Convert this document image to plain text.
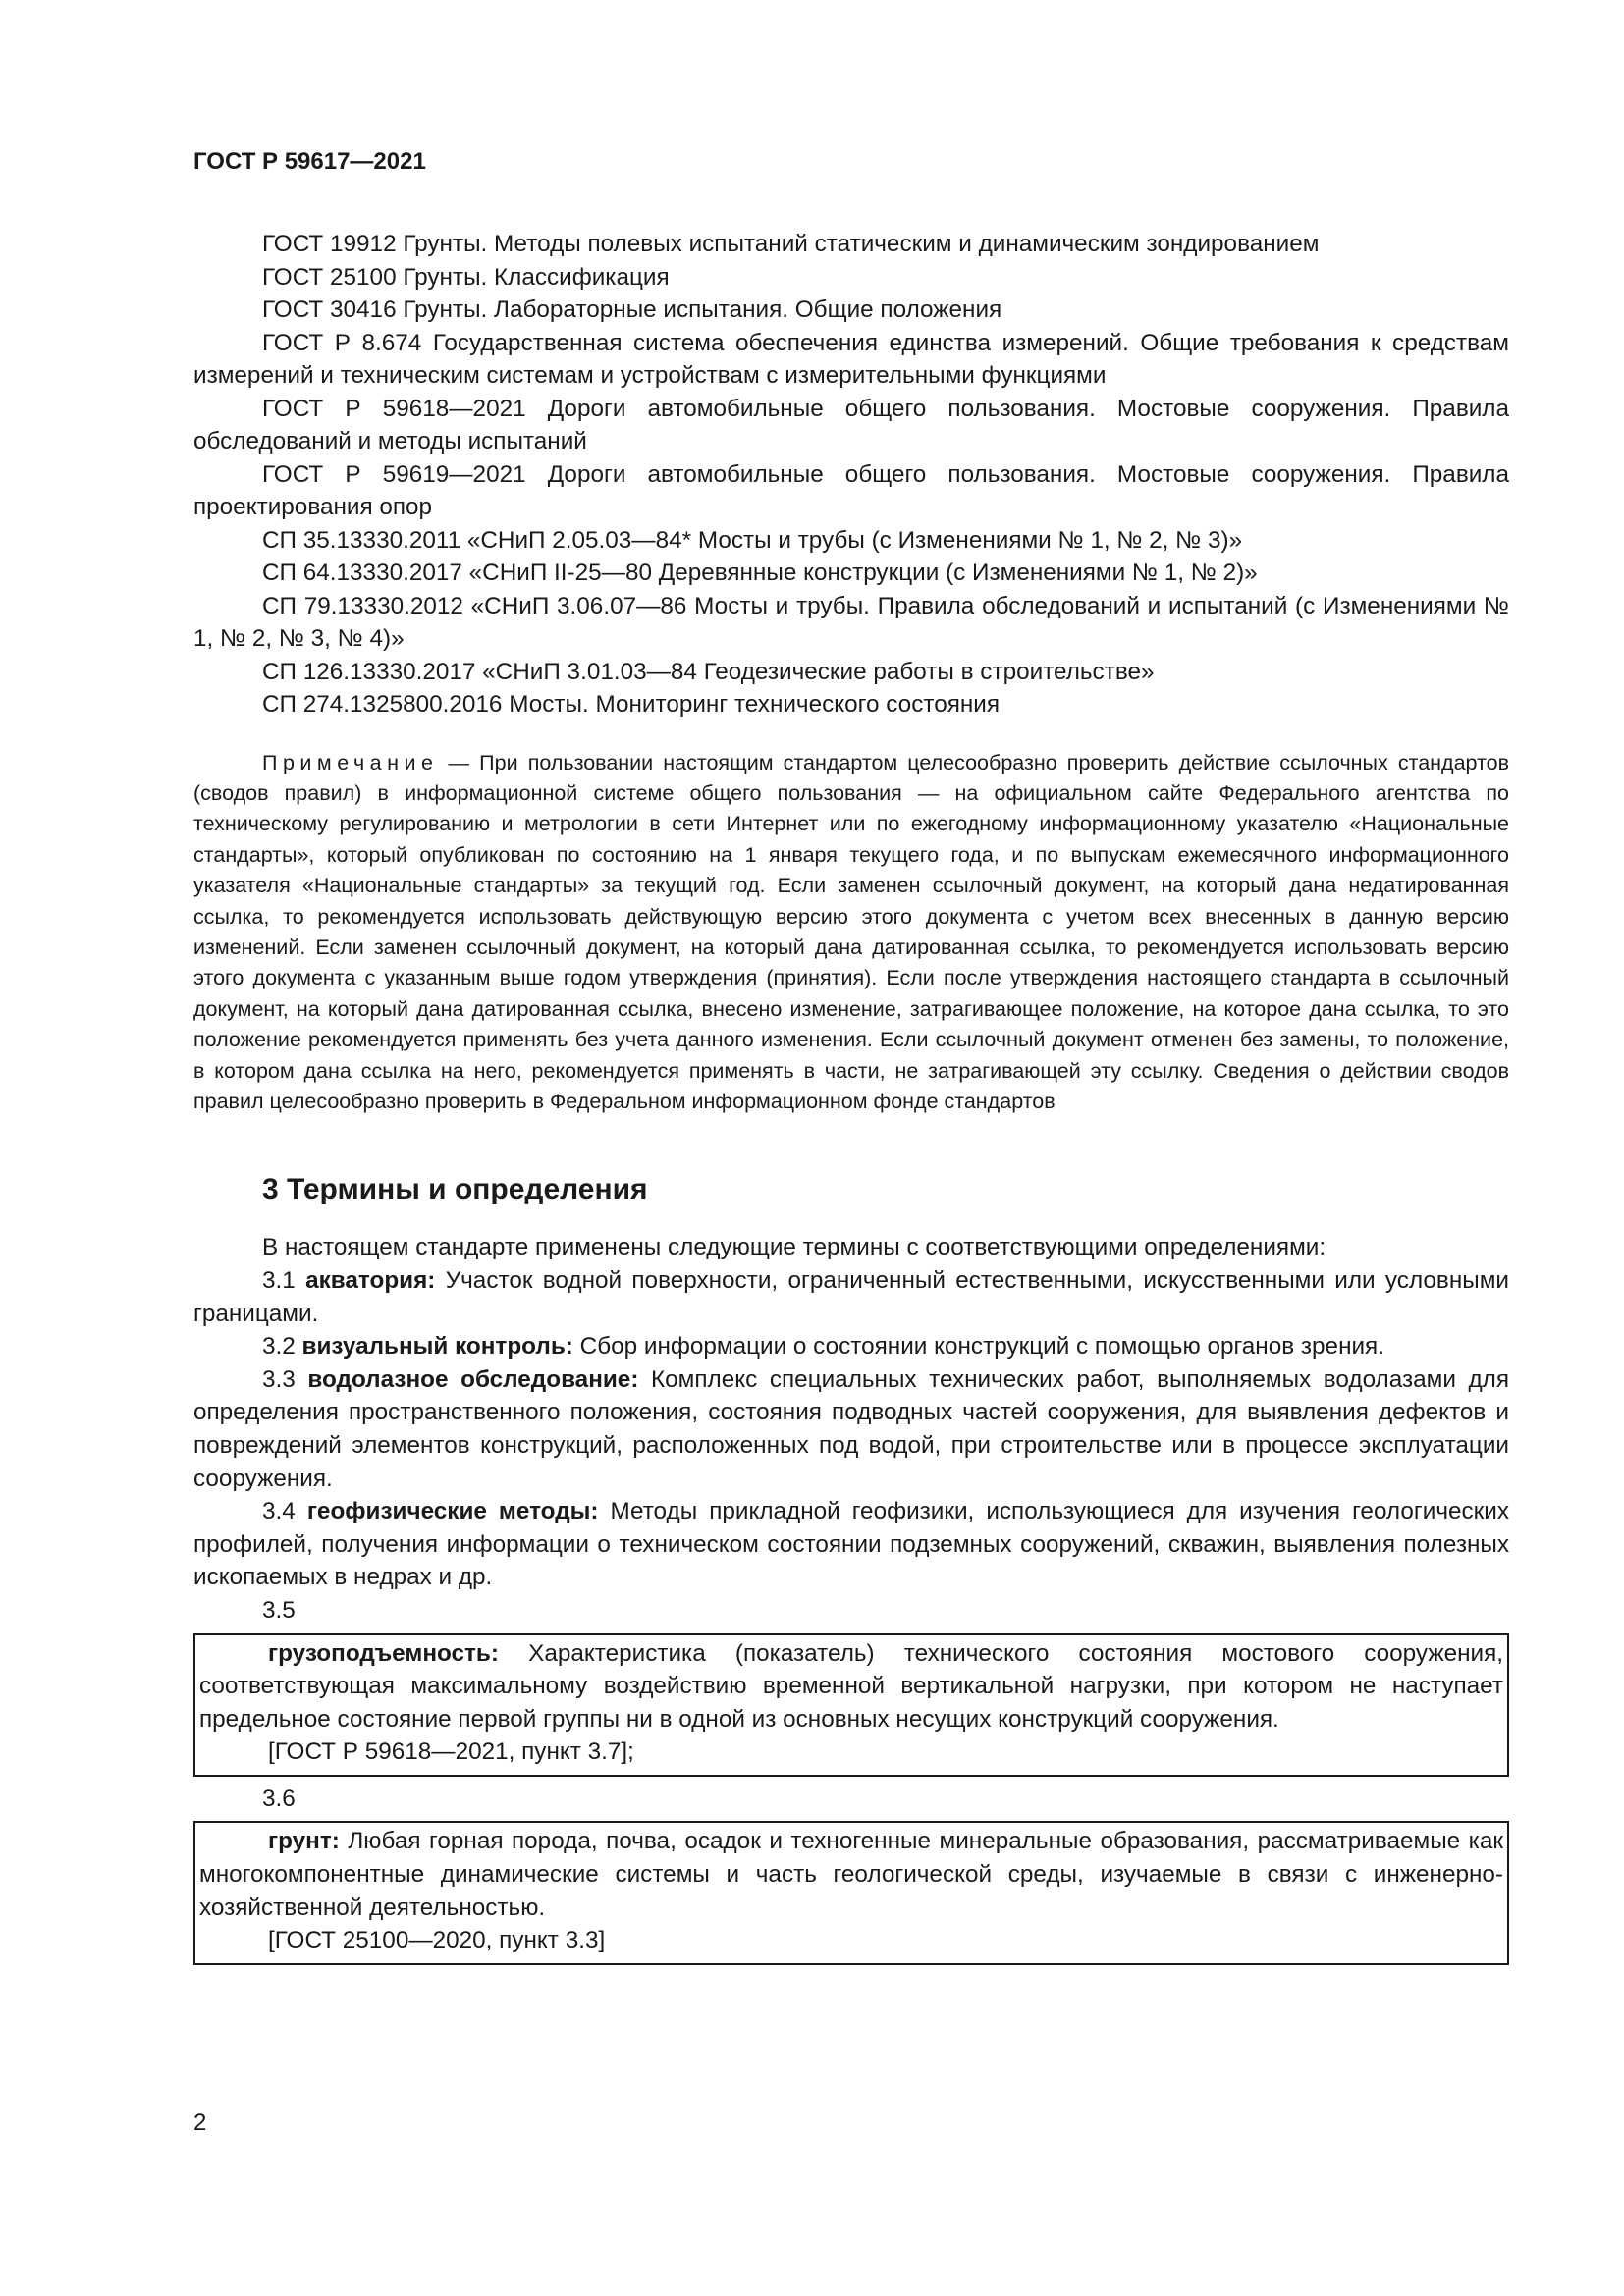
ГОСТ Р 59617—2021

ГОСТ 19912 Грунты. Методы полевых испытаний статическим и динамическим зондированием

ГОСТ 25100 Грунты. Классификация

ГОСТ 30416 Грунты. Лабораторные испытания. Общие положения

ГОСТ Р 8.674 Государственная система обеспечения единства измерений. Общие требования к средствам измерений и техническим системам и устройствам с измерительными функциями

ГОСТ Р 59618—2021 Дороги автомобильные общего пользования. Мостовые сооружения. Правила обследований и методы испытаний

ГОСТ Р 59619—2021 Дороги автомобильные общего пользования. Мостовые сооружения. Правила проектирования опор

СП 35.13330.2011 «СНиП 2.05.03—84* Мосты и трубы (с Изменениями № 1, № 2, № 3)»

СП 64.13330.2017 «СНиП II-25—80 Деревянные конструкции (с Изменениями № 1, № 2)»

СП 79.13330.2012 «СНиП 3.06.07—86 Мосты и трубы. Правила обследований и испытаний (с Изменениями № 1, № 2, № 3, № 4)»

СП 126.13330.2017 «СНиП 3.01.03—84 Геодезические работы в строительстве»

СП 274.1325800.2016 Мосты. Мониторинг технического состояния

Примечание — При пользовании настоящим стандартом целесообразно проверить действие ссылочных стандартов (сводов правил) в информационной системе общего пользования — на официальном сайте Федерального агентства по техническому регулированию и метрологии в сети Интернет или по ежегодному информационному указателю «Национальные стандарты», который опубликован по состоянию на 1 января текущего года, и по выпускам ежемесячного информационного указателя «Национальные стандарты» за текущий год. Если заменен ссылочный документ, на который дана недатированная ссылка, то рекомендуется использовать действующую версию этого документа с учетом всех внесенных в данную версию изменений. Если заменен ссылочный документ, на который дана датированная ссылка, то рекомендуется использовать версию этого документа с указанным выше годом утверждения (принятия). Если после утверждения настоящего стандарта в ссылочный документ, на который дана датированная ссылка, внесено изменение, затрагивающее положение, на которое дана ссылка, то это положение рекомендуется применять без учета данного изменения. Если ссылочный документ отменен без замены, то положение, в котором дана ссылка на него, рекомендуется применять в части, не затрагивающей эту ссылку. Сведения о действии сводов правил целесообразно проверить в Федеральном информационном фонде стандартов
3 Термины и определения

В настоящем стандарте применены следующие термины с соответствующими определениями:

3.1 акватория: Участок водной поверхности, ограниченный естественными, искусственными или условными границами.

3.2 визуальный контроль: Сбор информации о состоянии конструкций с помощью органов зрения.

3.3 водолазное обследование: Комплекс специальных технических работ, выполняемых водолазами для определения пространственного положения, состояния подводных частей сооружения, для выявления дефектов и повреждений элементов конструкций, расположенных под водой, при строительстве или в процессе эксплуатации сооружения.

3.4 геофизические методы: Методы прикладной геофизики, использующиеся для изучения геологических профилей, получения информации о техническом состоянии подземных сооружений, скважин, выявления полезных ископаемых в недрах и др.

3.5

грузоподъемность: Характеристика (показатель) технического состояния мостового сооружения, соответствующая максимальному воздействию временной вертикальной нагрузки, при котором не наступает предельное состояние первой группы ни в одной из основных несущих конструкций сооружения.

[ГОСТ Р 59618—2021, пункт 3.7];

3.6

грунт: Любая горная порода, почва, осадок и техногенные минеральные образования, рассматриваемые как многокомпонентные динамические системы и часть геологической среды, изучаемые в связи с инженерно-хозяйственной деятельностью.

[ГОСТ 25100—2020, пункт 3.3]

2
